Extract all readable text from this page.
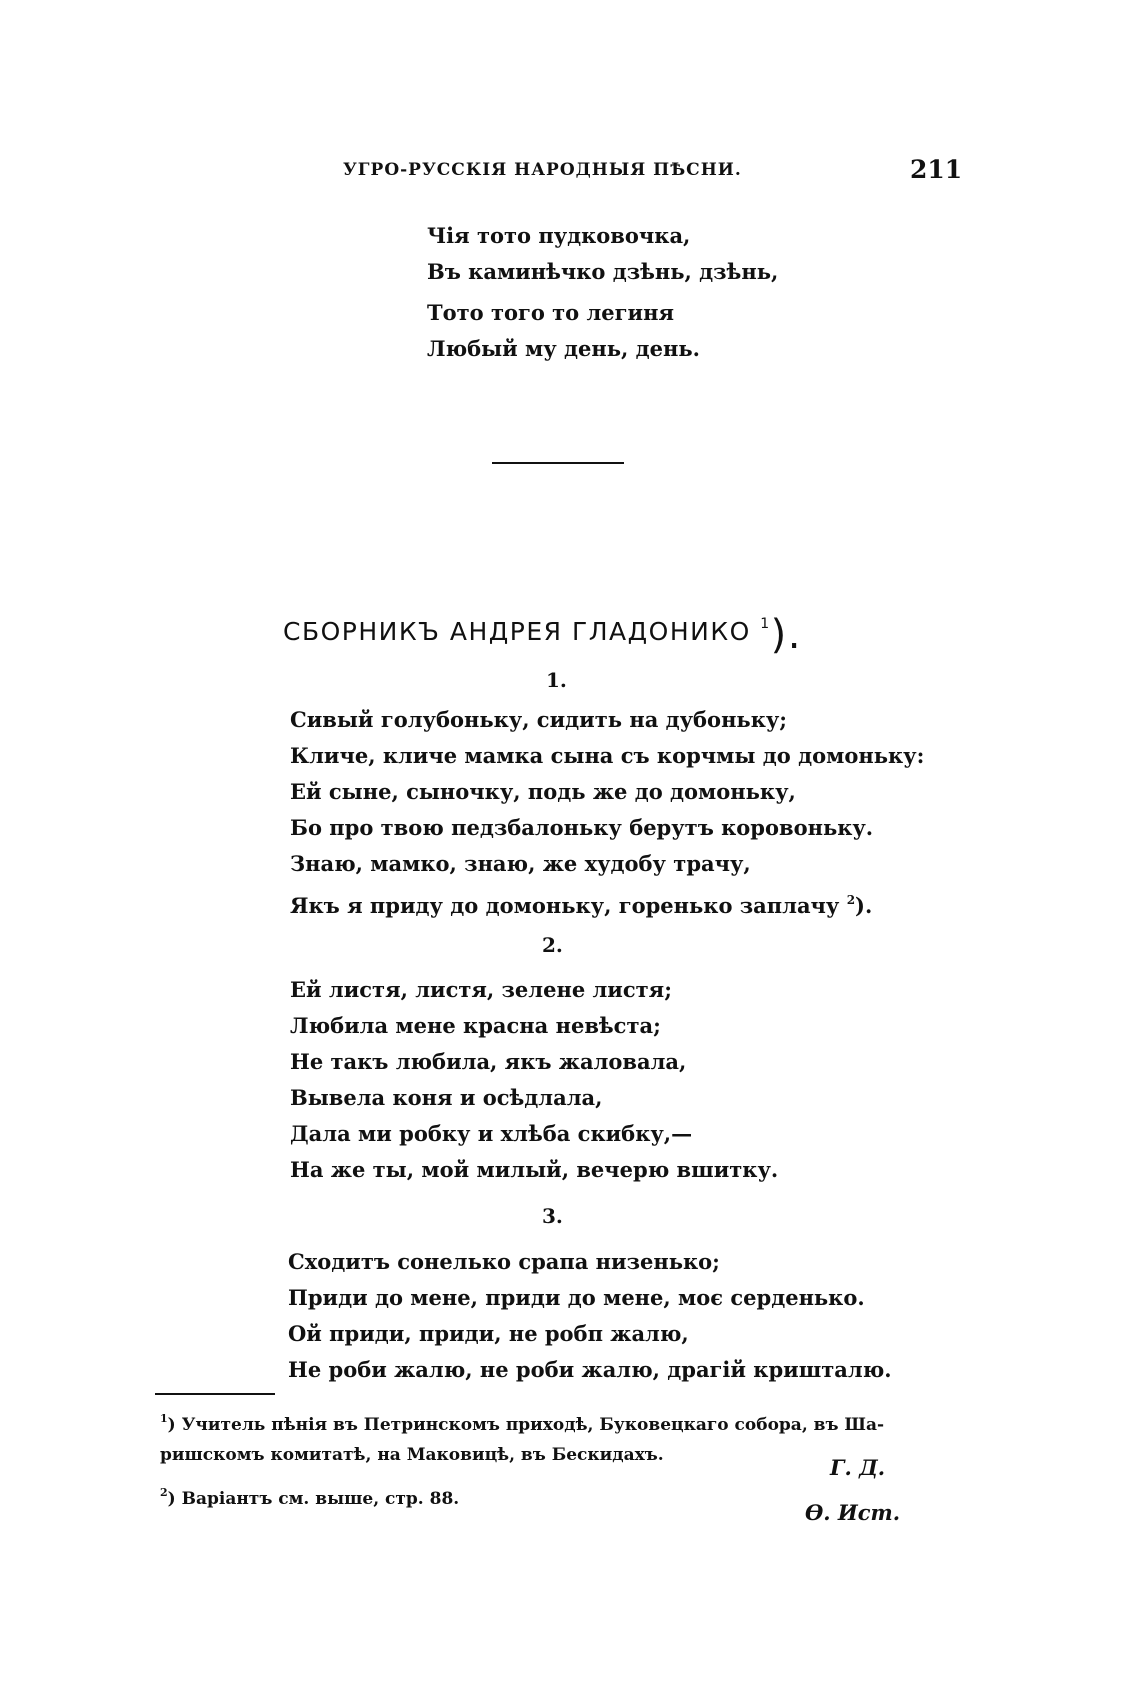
УГРО-РУССКІЯ НАРОДНЫЯ ПѢСНИ.	211
Чія тото пудковочка,
Въ каминѣчко дзѣнь, дзѣнь,
Тото того то легиня
Любый му день, день.
СБОРНИКЪ АНДРЕЯ ГЛАДОНИКО $^1$).
1.
Сивый голубоньку, сидить на дубоньку;
Кличе, кличе мамка сына съ корчмы до домоньку:
Ей сыне, сыночку, подь же до домоньку,
Бо про твою педзбалоньку берутъ коровоньку.
Знаю, мамко, знаю, же худобу трачу,
Якъ я приду до домоньку, горенько заплачу $^2$).
2.
Ей листя, листя, зелене листя;
Любила мене красна невѣста;
Не такъ любила, якъ жаловала,
Вывела коня и осѣдлала,
Дала ми робку и хлѣба скибку,—
На же ты, мой милый, вечерю вшитку.
3.
Сходитъ сонелько срапа низенько;
Приди до мене, приди до мене, моє серденько.
Ой приди, приди, не робп жалю,
Не роби жалю, не роби жалю, драгій кришталю.
$^1$) Учитель пѣнія въ Петринскомъ приходѣ, Буковецкаго собора, въ Ша-
ришскомъ комитатѣ, на Маковицѣ, въ Бескидахъ.
$^2$) Варіантъ см. выше, стр. 88.
Г. Д.
Ѳ. Ист.
